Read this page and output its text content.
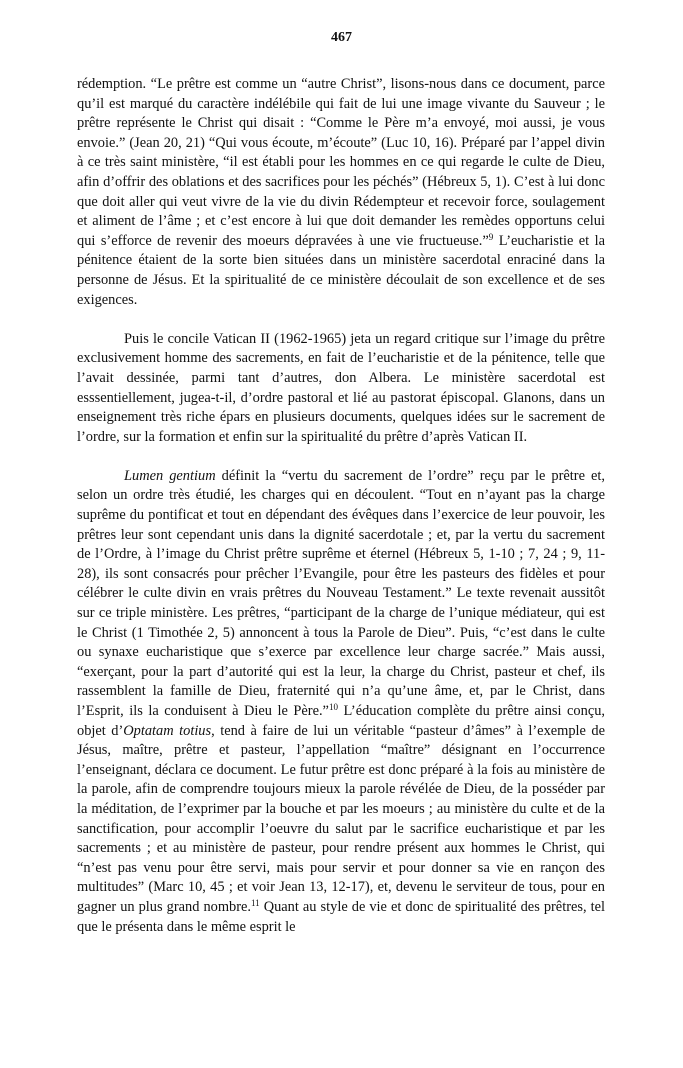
467

rédemption. “Le prêtre est comme un “autre Christ”, lisons-nous dans ce document, parce qu’il est marqué du caractère indélébile qui fait de lui une image vivante du Sauveur ; le prêtre représente le Christ qui disait : “Comme le Père m’a envoyé, moi aussi, je vous envoie.” (Jean 20, 21) “Qui vous écoute, m’écoute” (Luc 10, 16). Préparé par l’appel divin à ce très saint ministère, “il est établi pour les hommes en ce qui regarde le culte de Dieu, afin d’offrir des oblations et des sacrifices pour les péchés” (Hébreux 5, 1). C’est à lui donc que doit aller qui veut vivre de la vie du divin Rédempteur et recevoir force, soulagement et aliment de l’âme ; et c’est encore à lui que doit demander les remèdes opportuns celui qui s’efforce de revenir des moeurs dépravées à une vie fructueuse.”$^9$ L’eucharistie et la pénitence étaient de la sorte bien situées dans un ministère sacerdotal enraciné dans la personne de Jésus. Et la spiritualité de ce ministère découlait de son excellence et de ses exigences.

Puis le concile Vatican II (1962-1965) jeta un regard critique sur l’image du prêtre exclusivement homme des sacrements, en fait de l’eucharistie et de la pénitence, telle que l’avait dessinée, parmi tant d’autres, don Albera. Le ministère sacerdotal est esssentiellement, jugea-t-il, d’ordre pastoral et lié au pastorat épiscopal. Glanons, dans un enseignement très riche épars en plusieurs documents, quelques idées sur le sacrement de l’ordre, sur la formation et enfin sur la spiritualité du prêtre d’après Vatican II.

Lumen gentium définit la “vertu du sacrement de l’ordre” reçu par le prêtre et, selon un ordre très étudié, les charges qui en découlent. “Tout en n’ayant pas la charge suprême du pontificat et tout en dépendant des évêques dans l’exercice de leur pouvoir, les prêtres leur sont cependant unis dans la dignité sacerdotale ; et, par la vertu du sacrement de l’Ordre, à l’image du Christ prêtre suprême et éternel (Hébreux 5, 1-10 ; 7, 24 ; 9, 11-28), ils sont consacrés pour prêcher l’Evangile, pour être les pasteurs des fidèles et pour célébrer le culte divin en vrais prêtres du Nouveau Testament.” Le texte revenait aussitôt sur ce triple ministère. Les prêtres, “participant de la charge de l’unique médiateur, qui est le Christ (1 Timothée 2, 5) annoncent à tous la Parole de Dieu”. Puis, “c’est dans le culte ou synaxe eucharistique que s’exerce par excellence leur charge sacrée.” Mais aussi, “exerçant, pour la part d’autorité qui est la leur, la charge du Christ, pasteur et chef, ils rassemblent la famille de Dieu, fraternité qui n’a qu’une âme, et, par le Christ, dans l’Esprit, ils la conduisent à Dieu le Père.”$^{10}$ L’éducation complète du prêtre ainsi conçu, objet d’Optatam totius, tend à faire de lui un véritable “pasteur d’âmes” à l’exemple de Jésus, maître, prêtre et pasteur, l’appellation “maître” désignant en l’occurrence l’enseignant, déclara ce document. Le futur prêtre est donc préparé à la fois au ministère de la parole, afin de comprendre toujours mieux la parole révélée de Dieu, de la posséder par la méditation, de l’exprimer par la bouche et par les moeurs ; au ministère du culte et de la sanctification, pour accomplir l’oeuvre du salut par le sacrifice eucharistique et par les sacrements ; et au ministère de pasteur, pour rendre présent aux hommes le Christ, qui “n’est pas venu pour être servi, mais pour servir et pour donner sa vie en rançon des multitudes” (Marc 10, 45 ; et voir Jean 13, 12-17), et, devenu le serviteur de tous, pour en gagner un plus grand nombre.$^{11}$ Quant au style de vie et donc de spiritualité des prêtres, tel que le présenta dans le même esprit le
